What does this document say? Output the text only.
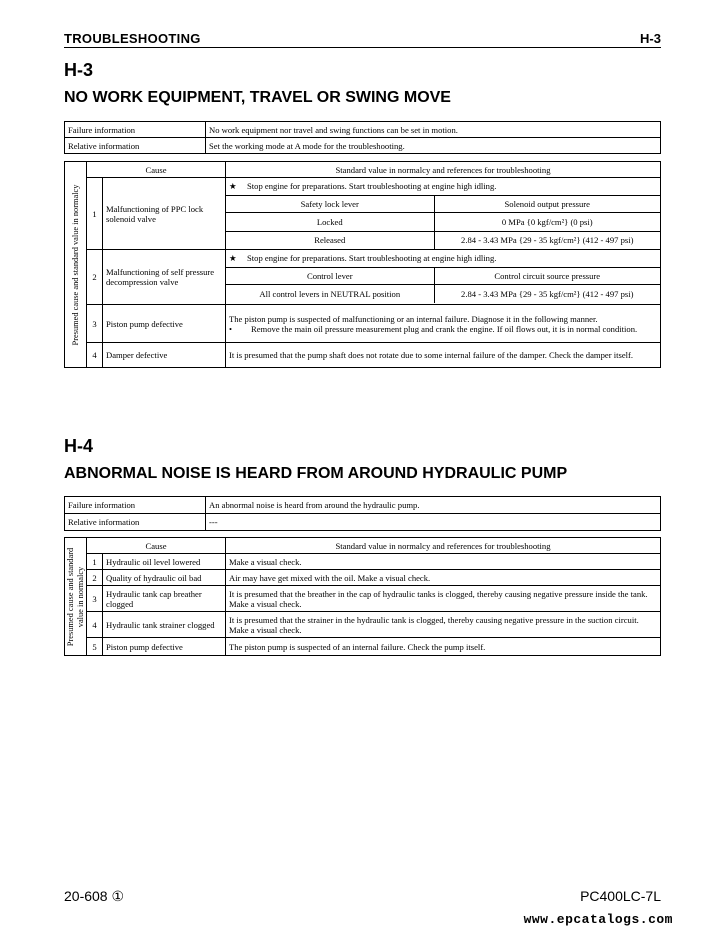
TROUBLESHOOTING	H-3
H-3
NO WORK EQUIPMENT, TRAVEL OR SWING MOVE
Failure information	No work equipment nor travel and swing functions can be set in motion.
Relative information	Set the working mode at A mode for the troubleshooting.
Presumed cause and standard value in normalcy
	Cause	Standard value in normalcy and references for troubleshooting
1	Malfunctioning of PPC lock solenoid valve	
★ Stop engine for preparations. Start troubleshooting at engine high idling.
Safety lock lever	Solenoid output pressure
Locked	0 MPa {0 kgf/cm²} (0 psi)
Released	2.84 - 3.43 MPa {29 - 35 kgf/cm²} (412 - 497 psi)

2	Malfunctioning of self pressure decompression valve	
★ Stop engine for preparations. Start troubleshooting at engine high idling.
Control lever	Control circuit source pressure
All control levers in NEUTRAL position	2.84 - 3.43 MPa {29 - 35 kgf/cm²} (412 - 497 psi)

3	Piston pump defective	The piston pump is suspected of malfunctioning or an internal failure. Diagnose it in the following manner.
• Remove the main oil pressure measurement plug and crank the engine. If oil flows out, it is in normal condition.
4	Damper defective	It is presumed that the pump shaft does not rotate due to some internal failure of the damper. Check the damper itself.
H-4
ABNORMAL NOISE IS HEARD FROM AROUND HYDRAULIC PUMP
Failure information	An abnormal noise is heard from around the hydraulic pump.
Relative information	---
Presumed cause and standard value in normalcy	Cause		Standard value in normalcy and references for troubleshooting
	1	Hydraulic oil level lowered	Make a visual check.
	2	Quality of hydraulic oil bad	Air may have get mixed with the oil. Make a visual check.
	3	Hydraulic tank cap breather clogged	It is presumed that the breather in the cap of hydraulic tanks is clogged, thereby causing negative pressure inside the tank. Make a visual check.
	4	Hydraulic tank strainer clogged	It is presumed that the strainer in the hydraulic tank is clogged, thereby causing negative pressure in the suction circuit. Make a visual check.
	5	Piston pump defective	The piston pump is suspected of an internal failure. Check the pump itself.
20-608 ①	PC400LC-7L
www.epcatalogs.com
